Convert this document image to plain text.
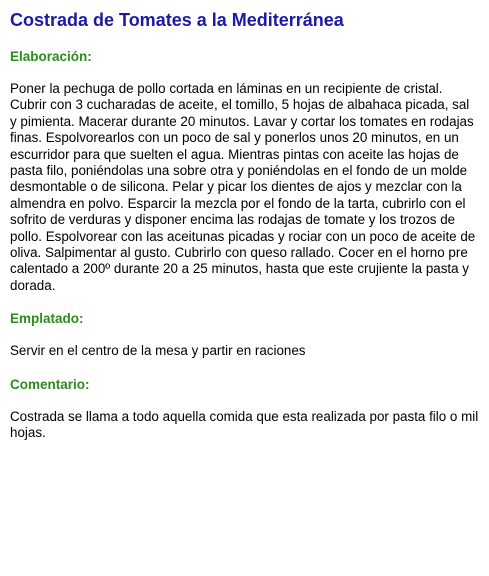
Costrada de Tomates a la Mediterránea
Elaboración:

Poner la pechuga de pollo cortada en láminas en un recipiente de cristal. Cubrir con 3 cucharadas de aceite, el tomillo, 5 hojas de albahaca picada, sal y pimienta. Macerar durante 20 minutos. Lavar y cortar los tomates en rodajas finas. Espolvorearlos con un poco de sal y ponerlos unos 20 minutos, en un escurridor para que suelten el agua. Mientras pintas con aceite las hojas de pasta filo, poniéndolas una sobre otra y poniéndolas en el fondo de un molde desmontable o de silicona. Pelar y picar los dientes de ajos y mezclar con la almendra en polvo. Esparcir la mezcla por el fondo de la tarta, cubrirlo con el sofrito de verduras y disponer encima las rodajas de tomate y los trozos de pollo. Espolvorear con las aceitunas picadas y rociar con un poco de aceite de oliva. Salpimentar al gusto. Cubrirlo con queso rallado. Cocer en el horno pre calentado a 200º durante 20 a 25 minutos, hasta que este crujiente la pasta y dorada.

Emplatado:

Servir en el centro de la mesa y partir en raciones

Comentario:

Costrada se llama a todo aquella comida que esta realizada por pasta filo o mil hojas.
